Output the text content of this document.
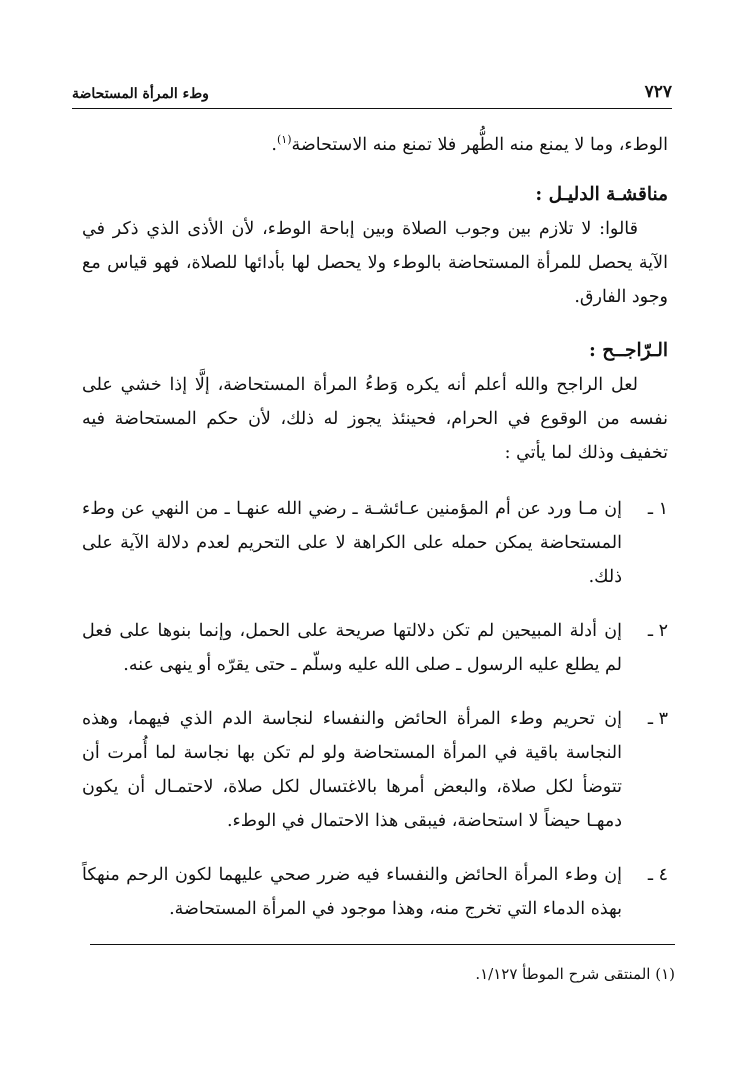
٧٢٧
وطء المرأة المستحاضة

الوطء، وما لا يمنع منه الطُّهر فلا تمنع منه الاستحاضة$^{(١)}$.

مناقشـة الدليـل :

قالوا: لا تلازم بين وجوب الصلاة وبين إباحة الوطء، لأن الأذى الذي ذكر في الآية يحصل للمرأة المستحاضة بالوطء ولا يحصل لها بأدائها للصلاة، فهو قياس مع وجود الفارق.

الـرّاجــح :

لعل الراجح والله أعلم أنه يكره وَطءُ المرأة المستحاضة، إلَّا إذا خشي على نفسه من الوقوع في الحرام، فحينئذ يجوز له ذلك، لأن حكم المستحاضة فيه تخفيف وذلك لما يأتي :

١ ـ
إن مـا ورد عن أم المؤمنين عـائشـة ـ رضي الله عنهـا ـ من النهي عن وطء المستحاضة يمكن حمله على الكراهة لا على التحريم لعدم دلالة الآية على ذلك.
٢ ـ
إن أدلة المبيحين لم تكن دلالتها صريحة على الحمل، وإنما بنوها على فعل لم يطلع عليه الرسول ـ صلى الله عليه وسلّم ـ حتى يقرّه أو ينهى عنه.
٣ ـ
إن تحريم وطء المرأة الحائض والنفساء لنجاسة الدم الذي فيهما، وهذه النجاسة باقية في المرأة المستحاضة ولو لم تكن بها نجاسة لما أُمرت أن تتوضأ لكل صلاة، والبعض أمرها بالاغتسال لكل صلاة، لاحتمـال أن يكون دمهـا حيضاً لا استحاضة، فيبقى هذا الاحتمال في الوطء.
٤ ـ
إن وطء المرأة الحائض والنفساء فيه ضرر صحي عليهما لكون الرحم منهكاً بهذه الدماء التي تخرج منه، وهذا موجود في المرأة المستحاضة.

(١) المنتقى شرح الموطأ ١/١٢٧.
